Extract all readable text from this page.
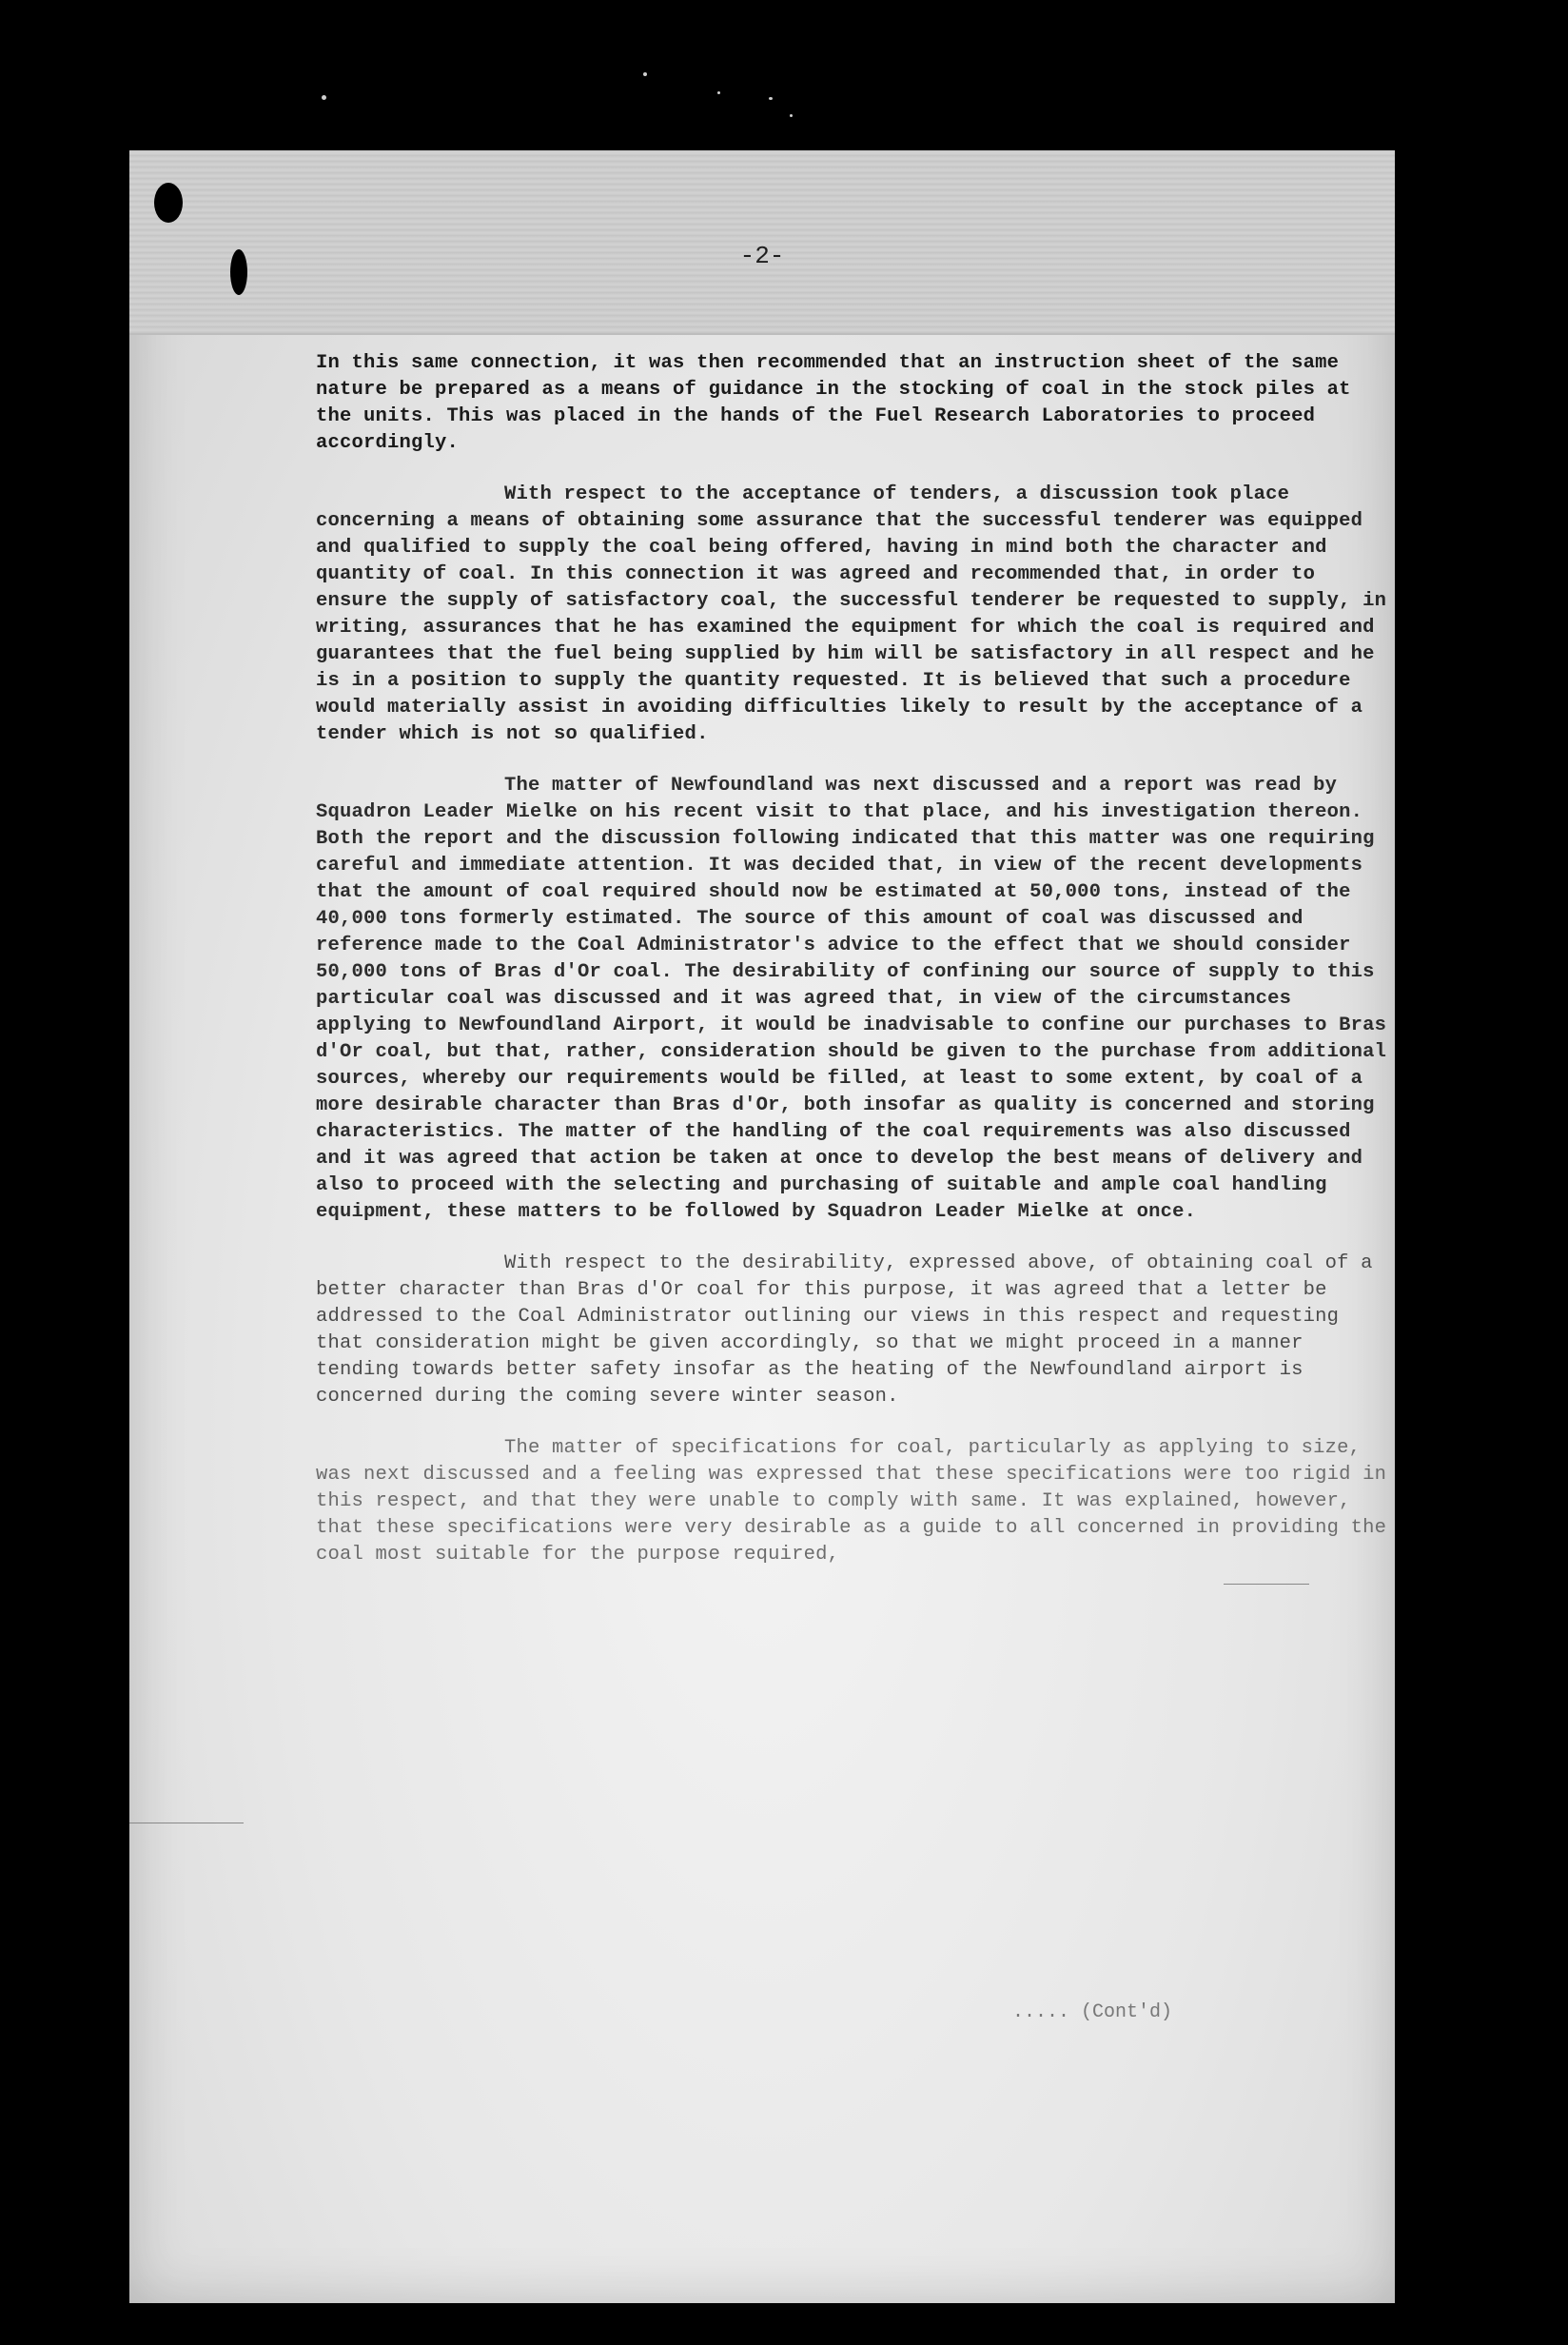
-2-

In this same connection, it was then recommended that an instruction sheet of the same nature be prepared as a means of guidance in the stocking of coal in the stock piles at the units. This was placed in the hands of the Fuel Research Laboratories to proceed accordingly.

With respect to the acceptance of tenders, a discussion took place concerning a means of obtaining some assurance that the successful tenderer was equipped and qualified to supply the coal being offered, having in mind both the character and quantity of coal. In this connection it was agreed and recommended that, in order to ensure the supply of satisfactory coal, the successful tenderer be requested to supply, in writing, assurances that he has examined the equipment for which the coal is required and guarantees that the fuel being supplied by him will be satisfactory in all respect and he is in a position to supply the quantity requested. It is believed that such a procedure would materially assist in avoiding difficulties likely to result by the acceptance of a tender which is not so qualified.

The matter of Newfoundland was next discussed and a report was read by Squadron Leader Mielke on his recent visit to that place, and his investigation thereon. Both the report and the discussion following indicated that this matter was one requiring careful and immediate attention. It was decided that, in view of the recent developments that the amount of coal required should now be estimated at 50,000 tons, instead of the 40,000 tons formerly estimated. The source of this amount of coal was discussed and reference made to the Coal Administrator's advice to the effect that we should consider 50,000 tons of Bras d'Or coal. The desirability of confining our source of supply to this particular coal was discussed and it was agreed that, in view of the circumstances applying to Newfoundland Airport, it would be inadvisable to confine our purchases to Bras d'Or coal, but that, rather, consideration should be given to the purchase from additional sources, whereby our requirements would be filled, at least to some extent, by coal of a more desirable character than Bras d'Or, both insofar as quality is concerned and storing characteristics. The matter of the handling of the coal requirements was also discussed and it was agreed that action be taken at once to develop the best means of delivery and also to proceed with the selecting and purchasing of suitable and ample coal handling equipment, these matters to be followed by Squadron Leader Mielke at once.

With respect to the desirability, expressed above, of obtaining coal of a better character than Bras d'Or coal for this purpose, it was agreed that a letter be addressed to the Coal Administrator outlining our views in this respect and requesting that consideration might be given accordingly, so that we might proceed in a manner tending towards better safety insofar as the heating of the Newfoundland airport is concerned during the coming severe winter season.

The matter of specifications for coal, particularly as applying to size, was next discussed and a feeling was expressed that these specifications were too rigid in this respect, and that they were unable to comply with same. It was explained, however, that these specifications were very desirable as a guide to all concerned in providing the coal most suitable for the purpose required,

..... (Cont'd)
